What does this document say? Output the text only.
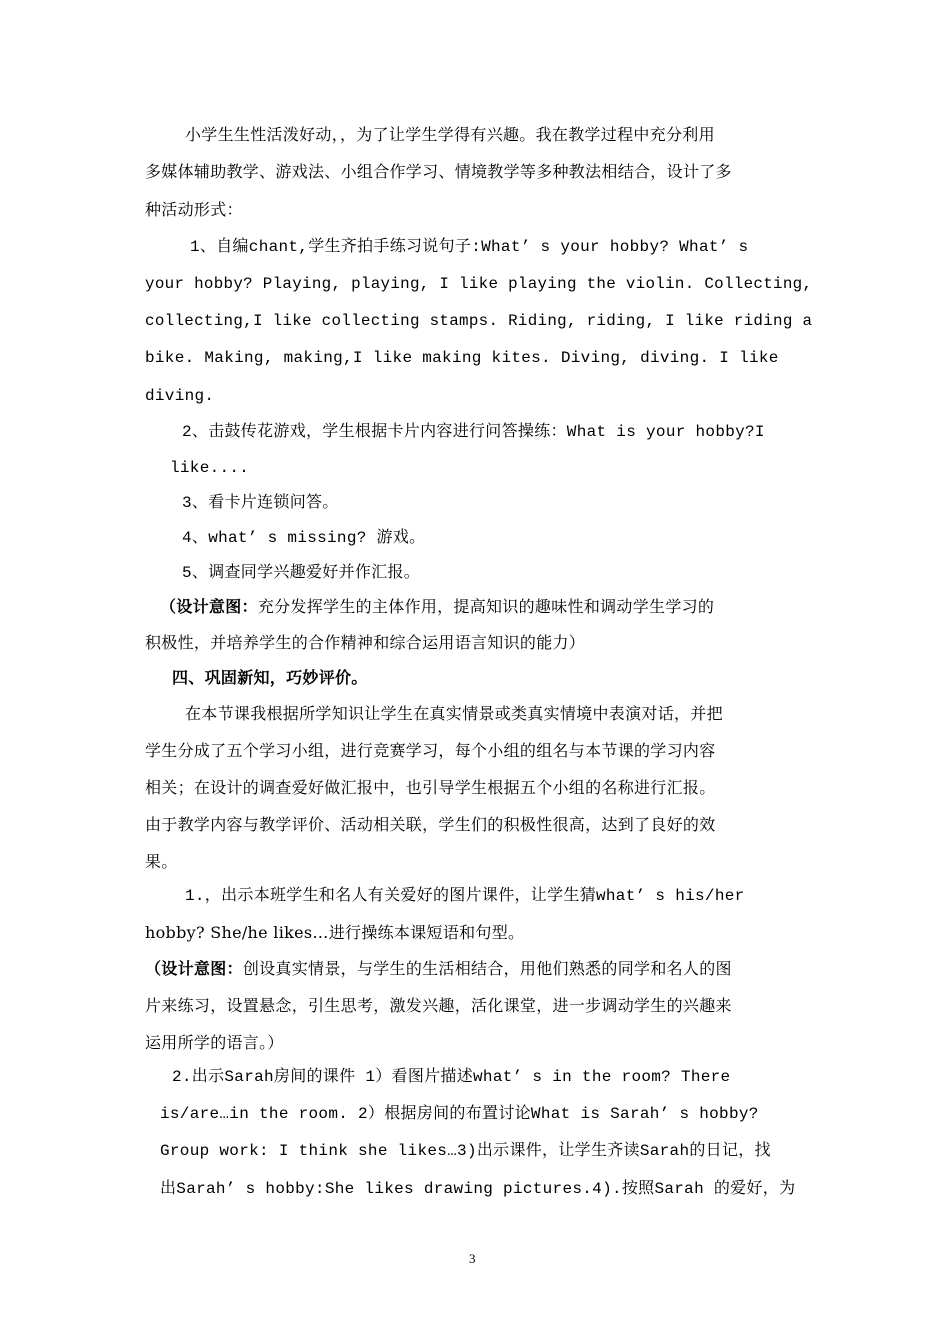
小学生生性活泼好动，，为了让学生学得有兴趣。我在教学过程中充分利用
多媒体辅助教学、游戏法、小组合作学习、情境教学等多种教法相结合，设计了多
种活动形式：
1、自编chant,学生齐拍手练习说句子:What’ s your hobby? What’ s
your hobby? Playing, playing, I like playing the violin. Collecting,
collecting,I like collecting stamps. Riding, riding, I like riding a
bike. Making, making,I like making kites. Diving, diving. I like
diving.
2、击鼓传花游戏，学生根据卡片内容进行问答操练：What is your hobby?I
like....
3、看卡片连锁问答。
4、what’ s missing? 游戏。
5、调查同学兴趣爱好并作汇报。
（设计意图：充分发挥学生的主体作用，提高知识的趣味性和调动学生学习的
积极性，并培养学生的合作精神和综合运用语言知识的能力）
四、巩固新知，巧妙评价。
在本节课我根据所学知识让学生在真实情景或类真实情境中表演对话，并把
学生分成了五个学习小组，进行竞赛学习，每个小组的组名与本节课的学习内容
相关；在设计的调查爱好做汇报中，也引导学生根据五个小组的名称进行汇报。
由于教学内容与教学评价、活动相关联，学生们的积极性很高，达到了良好的效
果。
1.，出示本班学生和名人有关爱好的图片课件，让学生猜what’ s his/her
hobby? She/he likes…进行操练本课短语和句型。
（设计意图：创设真实情景，与学生的生活相结合，用他们熟悉的同学和名人的图
片来练习，设置悬念，引生思考，激发兴趣，活化课堂，进一步调动学生的兴趣来
运用所学的语言。）
2.出示Sarah房间的课件 1）看图片描述what’ s in the room? There
is/are…in the room. 2）根据房间的布置讨论What is Sarah’ s hobby?
Group work: I think she likes…3)出示课件，让学生齐读Sarah的日记，找
出Sarah’ s hobby:She likes drawing pictures.4).按照Sarah 的爱好，为
3
